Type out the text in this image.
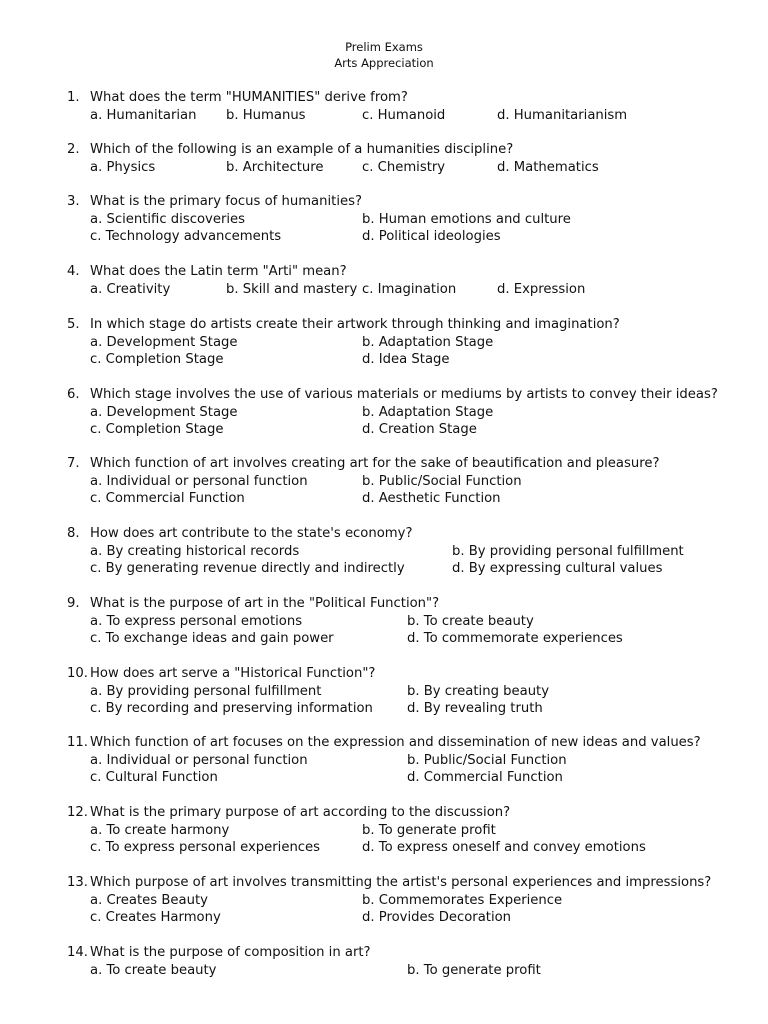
Prelim Exams
Arts Appreciation
1. What does the term "HUMANITIES" derive from?
a. Humanitarian b. Humanus	c. Humanoid	d. Humanitarianism
2. Which of the following is an example of a humanities discipline?
a. Physics	b. Architecture	c. Chemistry	d. Mathematics
3. What is the primary focus of humanities?
a. Scientific discoveries	b. Human emotions and culture
c. Technology advancements	d. Political ideologies
4. What does the Latin term "Arti" mean?
a. Creativity	b. Skill and mastery c. Imagination	d. Expression
5. In which stage do artists create their artwork through thinking and imagination?
a. Development Stage	b. Adaptation Stage
c. Completion Stage	d. Idea Stage
6. Which stage involves the use of various materials or mediums by artists to convey their ideas?
a. Development Stage	b. Adaptation Stage
c. Completion Stage	d. Creation Stage
7. Which function of art involves creating art for the sake of beautification and pleasure?
a. Individual or personal function	b. Public/Social Function
c. Commercial Function	d. Aesthetic Function
8. How does art contribute to the state's economy?
a. By creating historical records	b. By providing personal fulfillment
c. By generating revenue directly and indirectly	d. By expressing cultural values
9. What is the purpose of art in the "Political Function"?
a. To express personal emotions	b. To create beauty
c. To exchange ideas and gain power	d. To commemorate experiences
10. How does art serve a "Historical Function"?
a. By providing personal fulfillment	b. By creating beauty
c. By recording and preserving information	d. By revealing truth
11. Which function of art focuses on the expression and dissemination of new ideas and values?
a. Individual or personal function	b. Public/Social Function
c. Cultural Function	d. Commercial Function
12. What is the primary purpose of art according to the discussion?
a. To create harmony	b. To generate profit
c. To express personal experiences	d. To express oneself and convey emotions
13. Which purpose of art involves transmitting the artist's personal experiences and impressions?
a. Creates Beauty	b. Commemorates Experience
c. Creates Harmony	d. Provides Decoration
14. What is the purpose of composition in art?
a. To create beauty	b. To generate profit
